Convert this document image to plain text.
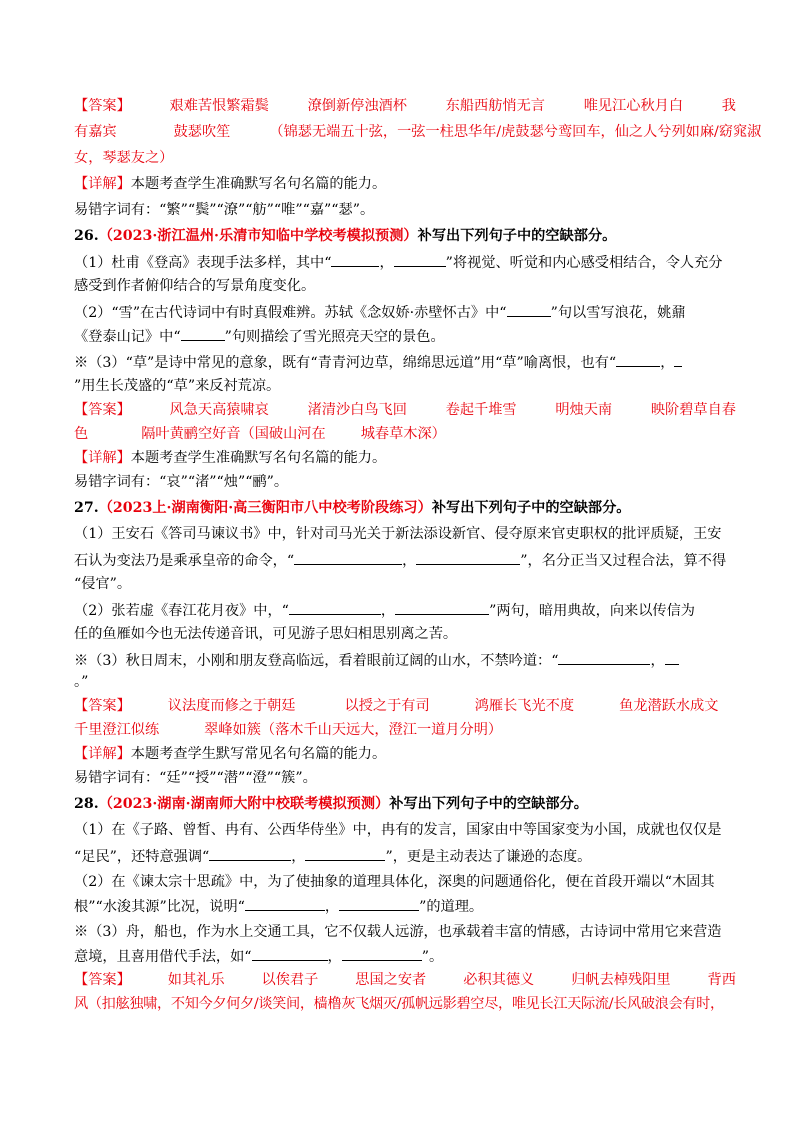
【答案】	艰难苦恨繁霜鬓	潦倒新停浊酒杯	东船西舫悄无言	唯见江心秋月白	我
有嘉宾	鼓瑟吹笙	（锦瑟无端五十弦，一弦一柱思华年/虎鼓瑟兮鸾回车，仙之人兮列如麻/窈窕淑
女，琴瑟友之）
【详解】本题考查学生准确默写名句名篇的能力。
易错字词有：“繁”“鬓”“潦”“舫”“唯”“嘉”“瑟”。
26.（2023·浙江温州·乐清市知临中学校考模拟预测）补写出下列句子中的空缺部分。
（1）杜甫《登高》表现手法多样，其中“	，	”将视觉、听觉和内心感受相结合，令人充分
感受到作者俯仰结合的写景角度变化。
（2）“雪”在古代诗词中有时真假难辨。苏轼《念奴娇·赤壁怀古》中“	”句以雪写浪花，姚鼐
《登泰山记》中“	”句则描绘了雪光照亮天空的景色。
※（3）“草”是诗中常见的意象，既有“青青河边草，绵绵思远道”用“草”喻离恨，也有“	，
”用生长茂盛的“草”来反衬荒凉。
【答案】	风急天高猿啸哀	渚清沙白鸟飞回	卷起千堆雪	明烛天南	映阶碧草自春
色	隔叶黄鹂空好音（国破山河在 城春草木深）
【详解】本题考查学生准确默写名句名篇的能力。
易错字词有：“哀”“渚”“烛”“鹂”。
27.（2023上·湖南衡阳·高三衡阳市八中校考阶段练习）补写出下列句子中的空缺部分。
（1）王安石《答司马谏议书》中，针对司马光关于新法添设新官、侵夺原来官吏职权的批评质疑，王安
石认为变法乃是乘承皇帝的命令，“	，	”，名分正当又过程合法，算不得
“侵官”。
（2）张若虚《春江花月夜》中，“	，	”两句，暗用典故，向来以传信为
任的鱼雁如今也无法传递音讯，可见游子思妇相思别离之苦。
※（3）秋日周末，小刚和朋友登高临远，看着眼前辽阔的山水，不禁吟道：“	，
。”
【答案】	议法度而修之于朝廷	以授之于有司	鸿雁长飞光不度	鱼龙潜跃水成文
千里澄江似练	翠峰如簇（落木千山天远大，澄江一道月分明）
【详解】本题考查学生默写常见名句名篇的能力。
易错字词有：“廷”“授”“潜”“澄”“簇”。
28.（2023·湖南·湖南师大附中校联考模拟预测）补写出下列句子中的空缺部分。
（1）在《子路、曾皙、冉有、公西华侍坐》中，冉有的发言，国家由中等国家变为小国，成就也仅仅是
“足民”，还特意强调“	，	”，更是主动表达了谦逊的态度。
（2）在《谏太宗十思疏》中，为了使抽象的道理具体化，深奥的问题通俗化，便在首段开端以“木固其
根”“水浚其源”比况，说明“	，	”的道理。
※（3）舟，船也，作为水上交通工具，它不仅载人远游，也承载着丰富的情感，古诗词中常用它来营造
意境，且喜用借代手法，如“	，	”。
【答案】	如其礼乐	以俟君子	思国之安者	必积其德义	归帆去棹残阳里	背西
风（扣舷独啸，不知今夕何夕/谈笑间，樯橹灰飞烟灭/孤帆远影碧空尽，唯见长江天际流/长风破浪会有时，
